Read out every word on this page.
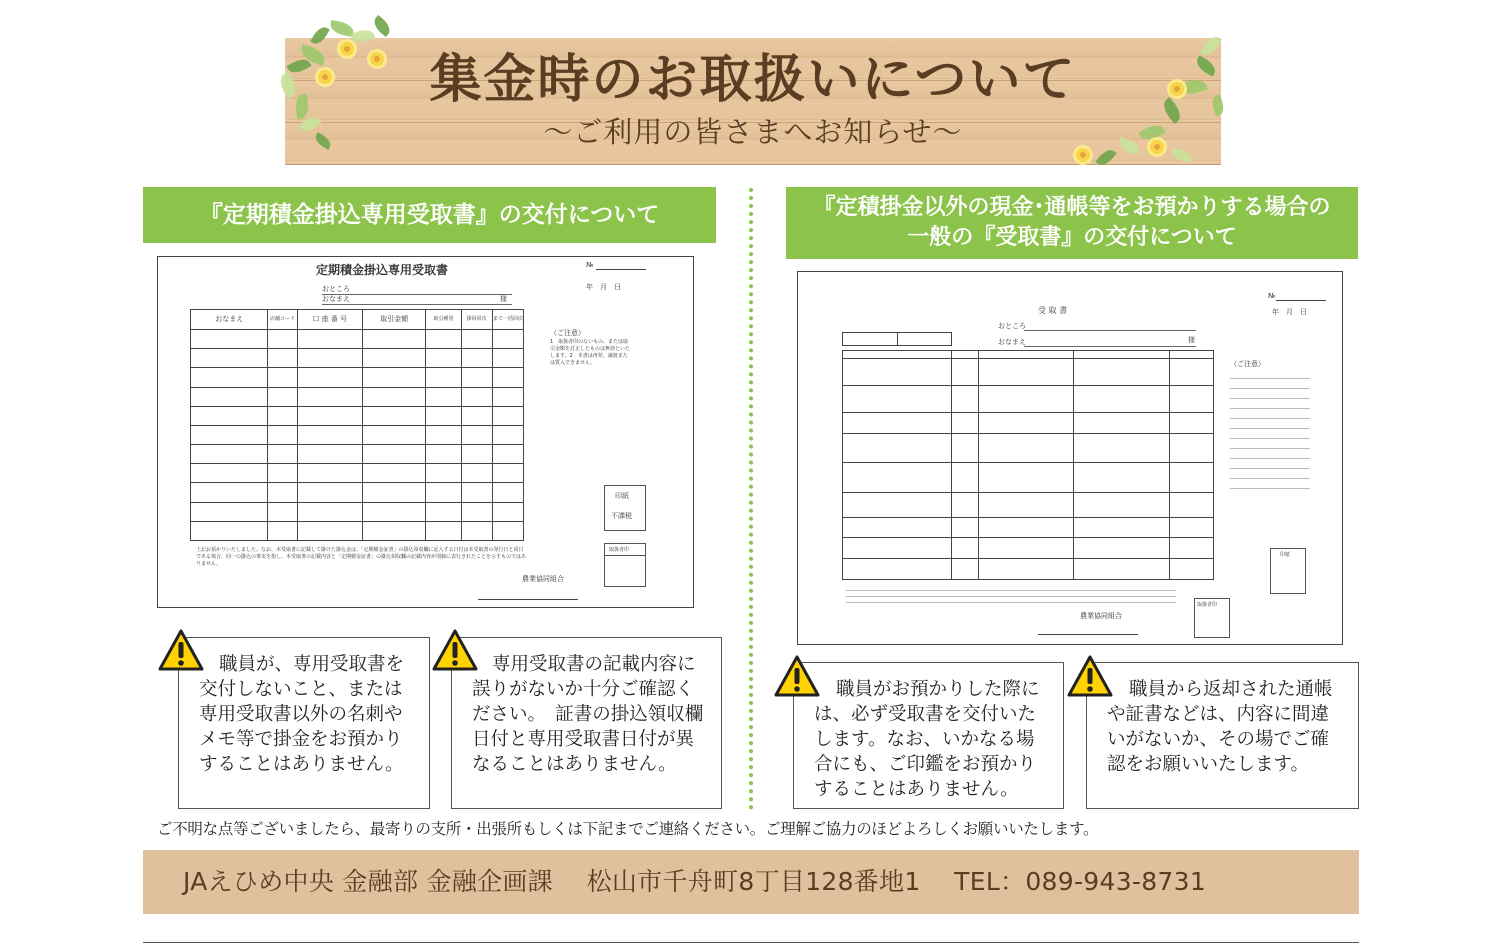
集金時のお取扱いについて
～ご利用の皆さまへお知らせ～
『定期積金掛込専用受取書』の交付について	『定積掛金以外の現金･通帳等をお預かりする場合の
一般の『受取書』の交付について
定期積金掛込専用受取書	№
年　月　日
おところ
おなまえ	様
おなまえ	店舗コード	口 座 番 号	取引金額	取引種別	掛回回次	まで一括回次

（ご注意）
1　取扱者印のないもの、または取引金額を訂正したものは無効といたします。2　本書は再発、譲渡または質入できません。
印紙
不課税
取扱者印
上記お預かりいたしました。なお、本受取書に記載して掛けた掛込金は、「定期積金証書」の掛込領収欄に記入する日付は本受取書の発行日と同日である場合、同一の掛込の事実を指し、本受取書の記載内容と「定期積金証書」の掛込領収欄の記載内容が別個に表行されたことを示すものではありません。
農業協同組合
受 取 書
№
年　月　日
おところ
おなまえ	様

（ご注意）
印紙
取扱者印
農業協同組合
職員が、専用受取書を交付しないこと、または専用受取書以外の名刺やメモ等で掛金をお預かりすることはありません。
専用受取書の記載内容に誤りがないか十分ご確認ください。　証書の掛込領収欄日付と専用受取書日付が異なることはありません。
職員がお預かりした際には、必ず受取書を交付いたします。なお、いかなる場合にも、ご印鑑をお預かりすることはありません。
職員から返却された通帳や証書などは、内容に間違いがないか、その場でご確認をお願いいたします。
ご不明な点等ございましたら、最寄りの支所・出張所もしくは下記までご連絡ください。ご理解ご協力のほどよろしくお願いいたします。
JAえひめ中央 金融部 金融企画課　 松山市千舟町8丁目128番地1　 TEL：089-943-8731
